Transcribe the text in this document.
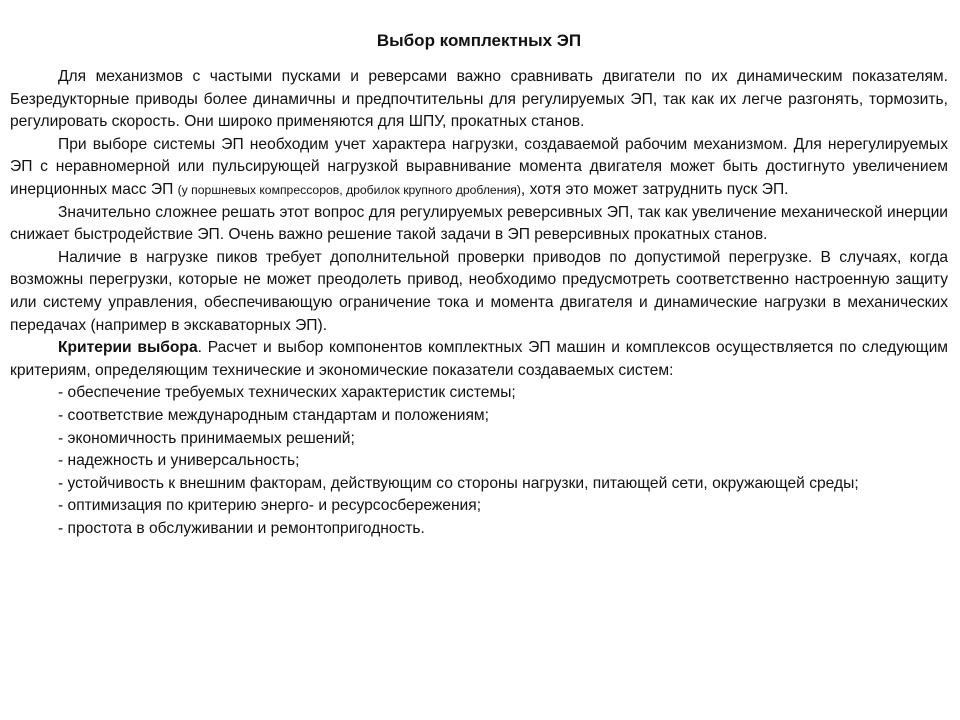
Выбор комплектных ЭП

Для механизмов с частыми пусками и реверсами важно сравнивать двигатели по их динамическим показателям. Безредукторные приводы более динамичны и предпочтительны для регулируемых ЭП, так как их легче разгонять, тормозить, регулировать скорость. Они широко применяются для ШПУ, прокатных станов.

При выборе системы ЭП необходим учет характера нагрузки, создаваемой рабочим механизмом. Для нерегулируемых ЭП с неравномерной или пульсирующей нагрузкой выравнивание момента двигателя может быть достигнуто увеличением инерционных масс ЭП (у поршневых компрессоров, дробилок крупного дробления), хотя это может затруднить пуск ЭП.

Значительно сложнее решать этот вопрос для регулируемых реверсивных ЭП, так как увеличение механической инерции снижает быстродействие ЭП. Очень важно решение такой задачи в ЭП реверсивных прокатных станов.

Наличие в нагрузке пиков требует дополнительной проверки приводов по допустимой перегрузке. В случаях, когда возможны перегрузки, которые не может преодолеть привод, необходимо предусмотреть соответственно настроенную защиту или систему управления, обеспечивающую ограничение тока и момента двигателя и динамические нагрузки в механических передачах (например в экскаваторных ЭП).

Критерии выбора. Расчет и выбор компонентов комплектных ЭП машин и комплексов осуществляется по следующим критериям, определяющим технические и экономические показатели создаваемых систем:

- обеспечение требуемых технических характеристик системы;

- соответствие международным стандартам и положениям;

- экономичность принимаемых решений;

- надежность и универсальность;

- устойчивость к внешним факторам, действующим со стороны нагрузки, питающей сети, окружающей среды;

- оптимизация по критерию энерго- и ресурсосбережения;

- простота в обслуживании и ремонтопригодность.
